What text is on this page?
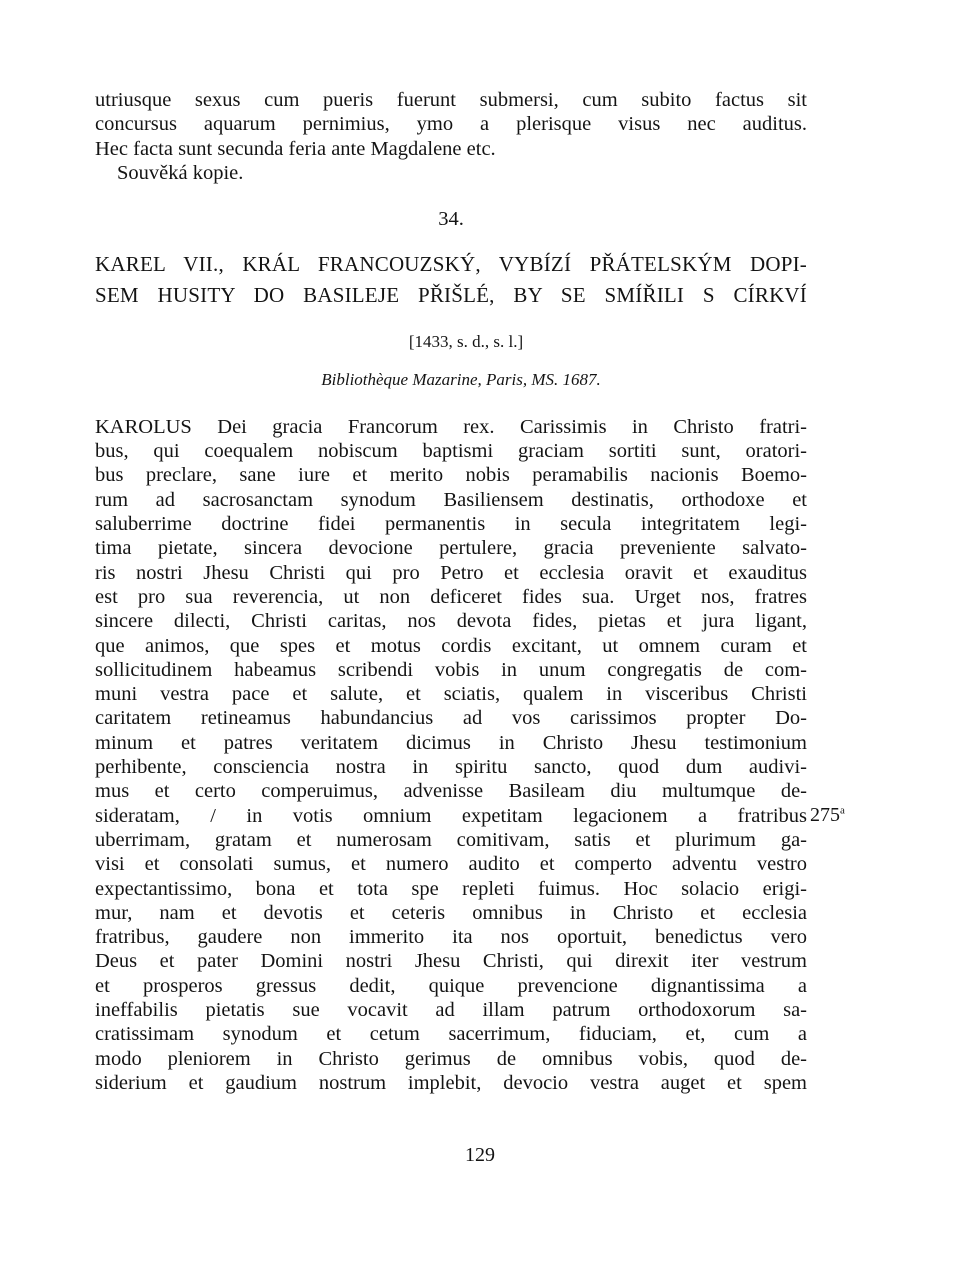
utriusque sexus cum pueris fuerunt submersi, cum subito factus sit
concursus aquarum pernimius, ymo a plerisque visus nec auditus.
Hec facta sunt secunda feria ante Magdalene etc.
Souvěká kopie.
34.
KAREL VII., KRÁL FRANCOUZSKÝ, VYBÍZÍ PŘÁTELSKÝM DOPI-
SEM HUSITY DO BASILEJE PŘIŠLÉ, BY SE SMÍŘILI S CÍRKVÍ
[1433, s. d., s. l.]
Bibliothèque Mazarine, Paris, MS. 1687.
KAROLUS Dei gracia Francorum rex. Carissimis in Christo fratri-
bus, qui coequalem nobiscum baptismi graciam sortiti sunt, oratori-
bus preclare, sane iure et merito nobis peramabilis nacionis Boemo-
rum ad sacrosanctam synodum Basiliensem destinatis, orthodoxe et
saluberrime doctrine fidei permanentis in secula integritatem legi-
tima pietate, sincera devocione pertulere, gracia preveniente salvato-
ris nostri Jhesu Christi qui pro Petro et ecclesia oravit et exauditus
est pro sua reverencia, ut non deficeret fides sua. Urget nos, fratres
sincere dilecti, Christi caritas, nos devota fides, pietas et jura ligant,
que animos, que spes et motus cordis excitant, ut omnem curam et
sollicitudinem habeamus scribendi vobis in unum congregatis de com-
muni vestra pace et salute, et sciatis, qualem in visceribus Christi
caritatem retineamus habundancius ad vos carissimos propter Do-
minum et patres veritatem dicimus in Christo Jhesu testimonium
perhibente, consciencia nostra in spiritu sancto, quod dum audivi-
mus et certo comperuimus, advenisse Basileam diu multumque de-
sideratam, / in votis omnium expetitam legacionem a fratribus
uberrimam, gratam et numerosam comitivam, satis et plurimum ga-
visi et consolati sumus, et numero audito et comperto adventu vestro
expectantissimo, bona et tota spe repleti fuimus. Hoc solacio erigi-
mur, nam et devotis et ceteris omnibus in Christo et ecclesia
fratribus, gaudere non immerito ita nos oportuit, benedictus vero
Deus et pater Domini nostri Jhesu Christi, qui direxit iter vestrum
et prosperos gressus dedit, quique prevencione dignantissima a
ineffabilis pietatis sue vocavit ad illam patrum orthodoxorum sa-
cratissimam synodum et cetum sacerrimum, fiduciam, et, cum a
modo pleniorem in Christo gerimus de omnibus vobis, quod de-
siderium et gaudium nostrum implebit, devocio vestra auget et spem
275$^a$
129
